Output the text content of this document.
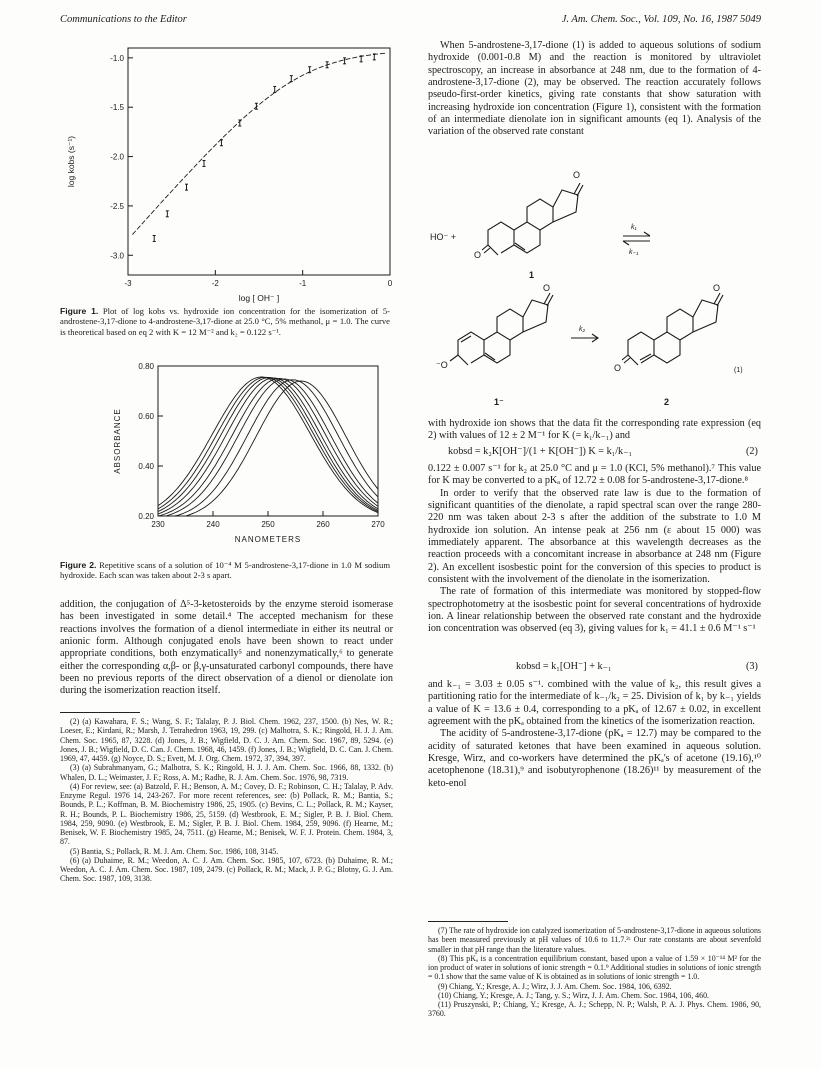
Communications to the Editor	J. Am. Chem. Soc., Vol. 109, No. 16, 1987 5049
-3	-2	-1	0
-1.0
-1.5
-2.0
-2.5
-3.0
log [ OH⁻ ]
log kobs (s⁻¹)
Figure 1. Plot of log kobs vs. hydroxide ion concentration for the isomerization of 5-androstene-3,17-dione to 4-androstene-3,17-dione at 25.0 °C, 5% methanol, μ = 1.0. The curve is theoretical based on eq 2 with K = 12 M⁻² and k₂ = 0.122 s⁻¹.
230	240	250	260	270
0.20
0.40
0.60
0.80
NANOMETERS
ABSORBANCE
Figure 2. Repetitive scans of a solution of 10⁻⁴ M 5-androstene-3,17-dione in 1.0 M sodium hydroxide. Each scan was taken about 2-3 s apart.

addition, the conjugation of Δ⁵-3-ketosteroids by the enzyme steroid isomerase has been investigated in some detail.⁴ The accepted mechanism for these reactions involves the formation of a dienol intermediate in either its neutral or anionic form. Although conjugated enols have been shown to react under appropriate conditions, both enzymatically⁵ and nonenzymatically,⁶ to generate either the corresponding α,β- or β,γ-unsaturated carbonyl compounds, there have been no previous reports of the direct observation of a dienol or dienolate ion during the isomerization reaction itself.

(2) (a) Kawahara, F. S.; Wang, S. F.; Talalay, P. J. Biol. Chem. 1962, 237, 1500. (b) Nes, W. R.; Loeser, E.; Kirdani, R.; Marsh, J. Tetrahedron 1963, 19, 299. (c) Malhotra, S. K.; Ringold, H. J. J. Am. Chem. Soc. 1965, 87, 3228. (d) Jones, J. B.; Wigfield, D. C. J. Am. Chem. Soc. 1967, 89, 5294. (e) Jones, J. B.; Wigfield, D. C. Can. J. Chem. 1968, 46, 1459. (f) Jones, J. B.; Wigfield, D. C. Can. J. Chem. 1969, 47, 4459. (g) Noyce, D. S.; Evett, M. J. Org. Chem. 1972, 37, 394, 397.

(3) (a) Subrahmanyam, G.; Malhotra, S. K.; Ringold, H. J. J. Am. Chem. Soc. 1966, 88, 1332. (b) Whalen, D. L.; Weimaster, J. F.; Ross, A. M.; Radhe, R. J. Am. Chem. Soc. 1976, 98, 7319.

(4) For review, see: (a) Batzold, F. H.; Benson, A. M.; Covey, D. F.; Robinson, C. H.; Talalay, P. Adv. Enzyme Regul. 1976 14, 243-267. For more recent references, see: (b) Pollack, R. M.; Bantia, S.; Bounds, P. L.; Koffman, B. M. Biochemistry 1986, 25, 1905. (c) Bevins, C. L.; Pollack, R. M.; Kayser, R. H.; Bounds, P. L. Biochemistry 1986, 25, 5159. (d) Westbrook, E. M.; Sigler, P. B. J. Biol. Chem. 1984, 259, 9090. (e) Westbrook, E. M.; Sigler, P. B. J. Biol. Chem. 1984, 259, 9096. (f) Hearne, M.; Benisek, W. F. Biochemistry 1985, 24, 7511. (g) Hearne, M.; Benisek, W. F. J. Protein. Chem. 1984, 3, 87.

(5) Bantia, S.; Pollack, R. M. J. Am. Chem. Soc. 1986, 108, 3145.

(6) (a) Duhaime, R. M.; Weedon, A. C. J. Am. Chem. Soc. 1985, 107, 6723. (b) Duhaime, R. M.; Weedon, A. C. J. Am. Chem. Soc. 1987, 109, 2479. (c) Pollack, R. M.; Mack, J. P. G.; Blotny, G. J. Am. Chem. Soc. 1987, 109, 3138.

When 5-androstene-3,17-dione (1) is added to aqueous solutions of sodium hydroxide (0.001-0.8 M) and the reaction is monitored by ultraviolet spectroscopy, an increase in absorbance at 248 nm, due to the formation of 4-androstene-3,17-dione (2), may be observed. The reaction accurately follows pseudo-first-order kinetics, giving rate constants that show saturation with increasing hydroxide ion concentration (Figure 1), consistent with the formation of an intermediate dienolate ion in significant amounts (eq 1). Analysis of the variation of the observed rate constant

O
O
HO⁻ +
k₁
k₋₁
1
O
⁻O
k₂
1⁻
O
O	(1)
2

with hydroxide ion shows that the data fit the corresponding rate expression (eq 2) with values of 12 ± 2 M⁻¹ for K (= k₁/k₋₁) and

kobsd = k₂K[OH⁻]/(1 + K[OH⁻]) K = k₁/k₋₁	(2)

0.122 ± 0.007 s⁻¹ for k₂ at 25.0 °C and μ = 1.0 (KCl, 5% methanol).⁷ This value for K may be converted to a pKₐ of 12.72 ± 0.08 for 5-androstene-3,17-dione.⁸

In order to verify that the observed rate law is due to the formation of significant quantities of the dienolate, a rapid spectral scan over the range 280-220 nm was taken about 2-3 s after the addition of the substrate to 1.0 M hydroxide ion solution. An intense peak at 256 nm (ε about 15 000) was immediately apparent. The absorbance at this wavelength decreases as the reaction proceeds with a concomitant increase in absorbance at 248 nm (Figure 2). An excellent isosbestic point for the conversion of this species to product is consistent with the involvement of the dienolate in the isomerization.

The rate of formation of this intermediate was monitored by stopped-flow spectrophotometry at the isosbestic point for several concentrations of hydroxide ion. A linear relationship between the observed rate constant and the hydroxide ion concentration was observed (eq 3), giving values for k₁ = 41.1 ± 0.6 M⁻¹ s⁻¹

kobsd = k₁[OH⁻] + k₋₁	(3)

and k₋₁ = 3.03 ± 0.05 s⁻¹. combined with the value of k₂, this result gives a partitioning ratio for the intermediate of k₋₁/k₂ = 25. Division of k₁ by k₋₁ yields a value of K = 13.6 ± 0.4, corresponding to a pKₐ of 12.67 ± 0.02, in excellent agreement with the pKₐ obtained from the kinetics of the isomerization reaction.

The acidity of 5-androstene-3,17-dione (pKₐ = 12.7) may be compared to the acidity of saturated ketones that have been examined in aqueous solution. Kresge, Wirz, and co-workers have determined the pKₐ's of acetone (19.16),¹⁰ acetophenone (18.31),⁹ and isobutyrophenone (18.26)¹¹ by measurement of the keto-enol

(7) The rate of hydroxide ion catalyzed isomerization of 5-androstene-3,17-dione in aqueous solutions has been measured previously at pH values of 10.6 to 11.7.²ᶜ Our rate constants are about sevenfold smaller in that pH range than the literature values.

(8) This pKₐ is a concentration equilibrium constant, based upon a value of 1.59 × 10⁻¹⁴ M² for the ion product of water in solutions of ionic strength = 0.1.⁹ Additional studies in solutions of ionic strength = 0.1 show that the same value of K is obtained as in solutions of ionic strength = 1.0.

(9) Chiang, Y.; Kresge, A. J.; Wirz, J. J. Am. Chem. Soc. 1984, 106, 6392.

(10) Chiang, Y.; Kresge, A. J.; Tang, y. S.; Wirz, J. J. Am. Chem. Soc. 1984, 106, 460.

(11) Pruszynski, P.; Chiang, Y.; Kresge, A. J.; Schepp, N. P.; Walsh, P. A. J. Phys. Chem. 1986, 90, 3760.
